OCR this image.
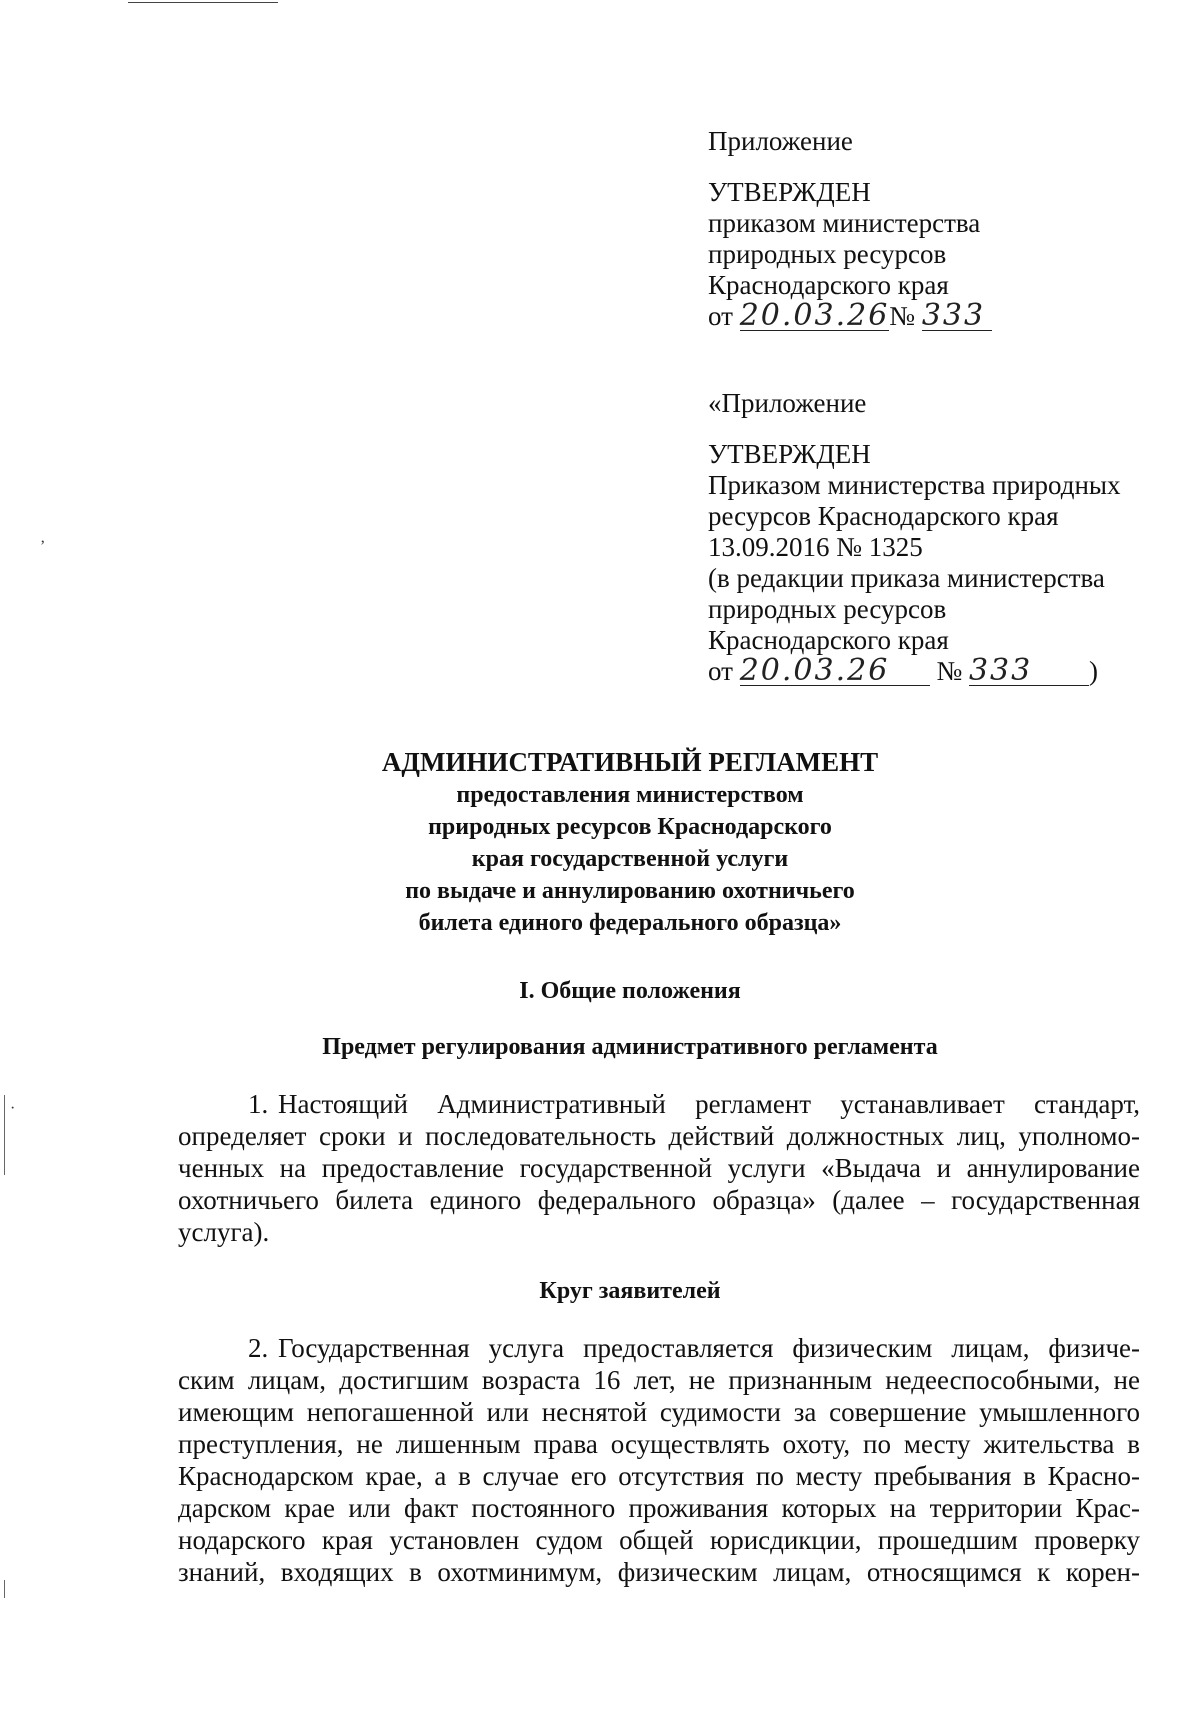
’
·
Приложение
УТВЕРЖДЕН
приказом министерства
природных ресурсов
Краснодарского края
от 20.03.26№ 333
«Приложение
УТВЕРЖДЕН
Приказом министерства природных
ресурсов Краснодарского края
13.09.2016 № 1325
(в редакции приказа министерства
природных ресурсов
Краснодарского края
от 20.03.26 № 333 )
АДМИНИСТРАТИВНЫЙ РЕГЛАМЕНТ
предоставления министерством
природных ресурсов Краснодарского
края государственной услуги
по выдаче и аннулированию охотничьего
билета единого федерального образца»
I. Общие положения
Предмет регулирования административного регламента
1. Настоящий Административный регламент устанавливает стандарт,
определяет сроки и последовательность действий должностных лиц, уполномо-
ченных на предоставление государственной услуги «Выдача и аннулирование
охотничьего билета единого федерального образца» (далее – государственная
услуга).
Круг заявителей
2. Государственная услуга предоставляется физическим лицам, физиче-
ским лицам, достигшим возраста 16 лет, не признанным недееспособными, не
имеющим непогашенной или неснятой судимости за совершение умышленного
преступления, не лишенным права осуществлять охоту, по месту жительства в
Краснодарском крае, а в случае его отсутствия по месту пребывания в Красно-
дарском крае или факт постоянного проживания которых на территории Крас-
нодарского края установлен судом общей юрисдикции, прошедшим проверку
знаний, входящих в охотминимум, физическим лицам, относящимся к корен-
